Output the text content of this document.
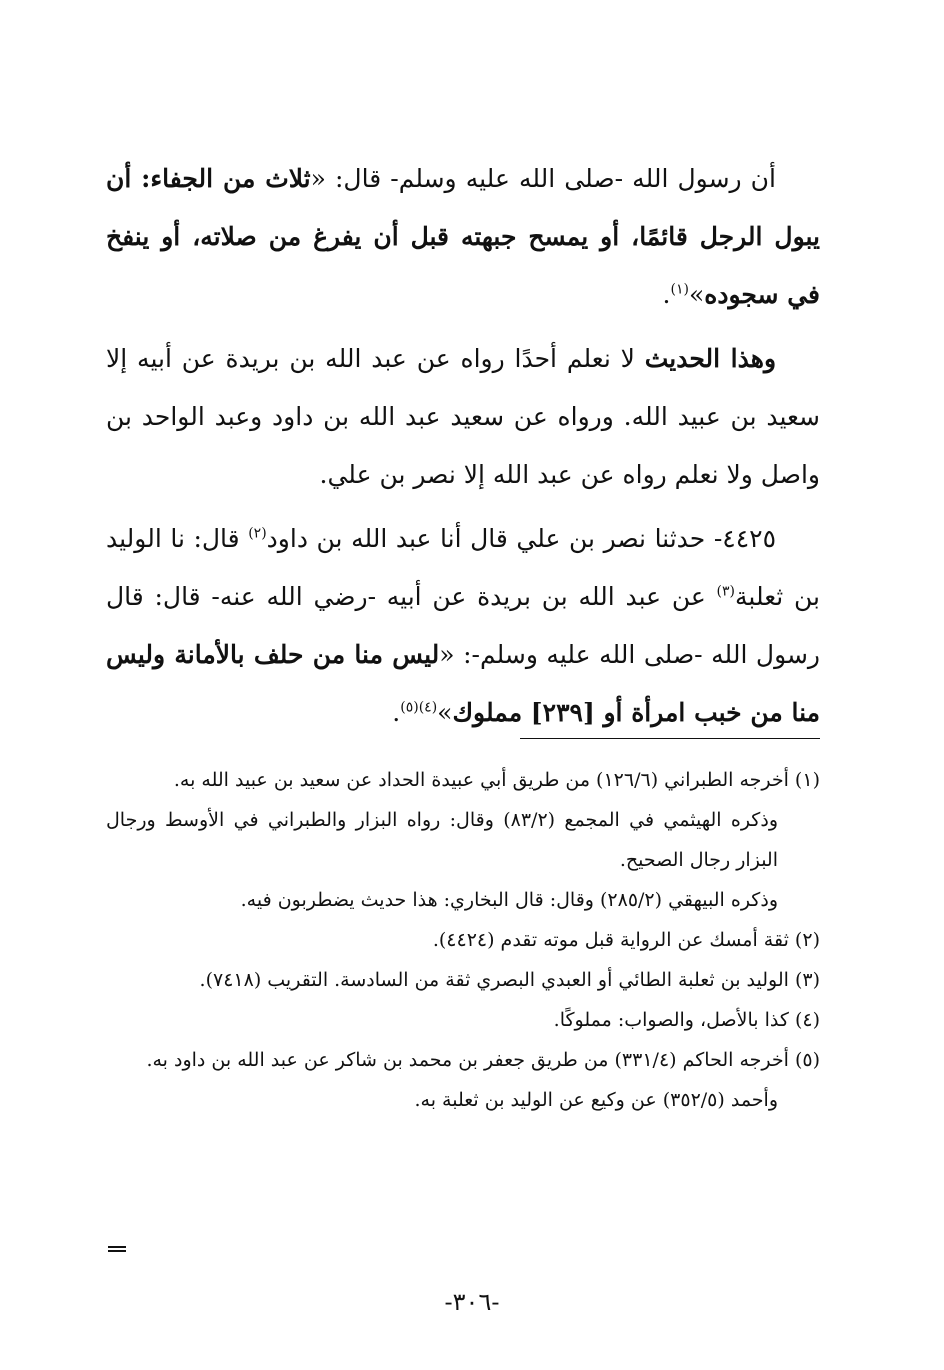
أن رسول الله -صلى الله عليه وسلم- قال: «ثلاث من الجفاء: أن يبول الرجل قائمًا، أو يمسح جبهته قبل أن يفرغ من صلاته، أو ينفخ في سجوده»$^{(١)}$.

وهذا الحديث لا نعلم أحدًا رواه عن عبد الله بن بريدة عن أبيه إلا سعيد بن عبيد الله. ورواه عن سعيد عبد الله بن داود وعبد الواحد بن واصل ولا نعلم رواه عن عبد الله إلا نصر بن علي.

٤٤٢٥- حدثنا نصر بن علي قال أنا عبد الله بن داود$^{(٢)}$ قال: نا الوليد بن ثعلبة$^{(٣)}$ عن عبد الله بن بريدة عن أبيه -رضي الله عنه- قال: قال رسول الله -صلى الله عليه وسلم-: «ليس منا من حلف بالأمانة وليس منا من خبب امرأة أو [٢٣٩] مملوك»$^{(٤)(٥)}$.

(١) أخرجه الطبراني (١٢٦/٦) من طريق أبي عبيدة الحداد عن سعيد بن عبيد الله به.

وذكره الهيثمي في المجمع (٨٣/٢) وقال: رواه البزار والطبراني في الأوسط ورجال البزار رجال الصحيح.

وذكره البيهقي (٢٨٥/٢) وقال: قال البخاري: هذا حديث يضطربون فيه.

(٢) ثقة أمسك عن الرواية قبل موته تقدم (٤٤٢٤).

(٣) الوليد بن ثعلبة الطائي أو العبدي البصري ثقة من السادسة. التقريب (٧٤١٨).

(٤) كذا بالأصل، والصواب: مملوكًا.

(٥) أخرجه الحاكم (٣٣١/٤) من طريق جعفر بن محمد بن شاكر عن عبد الله بن داود به.

وأحمد (٣٥٢/٥) عن وكيع عن الوليد بن ثعلبة به.

-٣٠٦-
